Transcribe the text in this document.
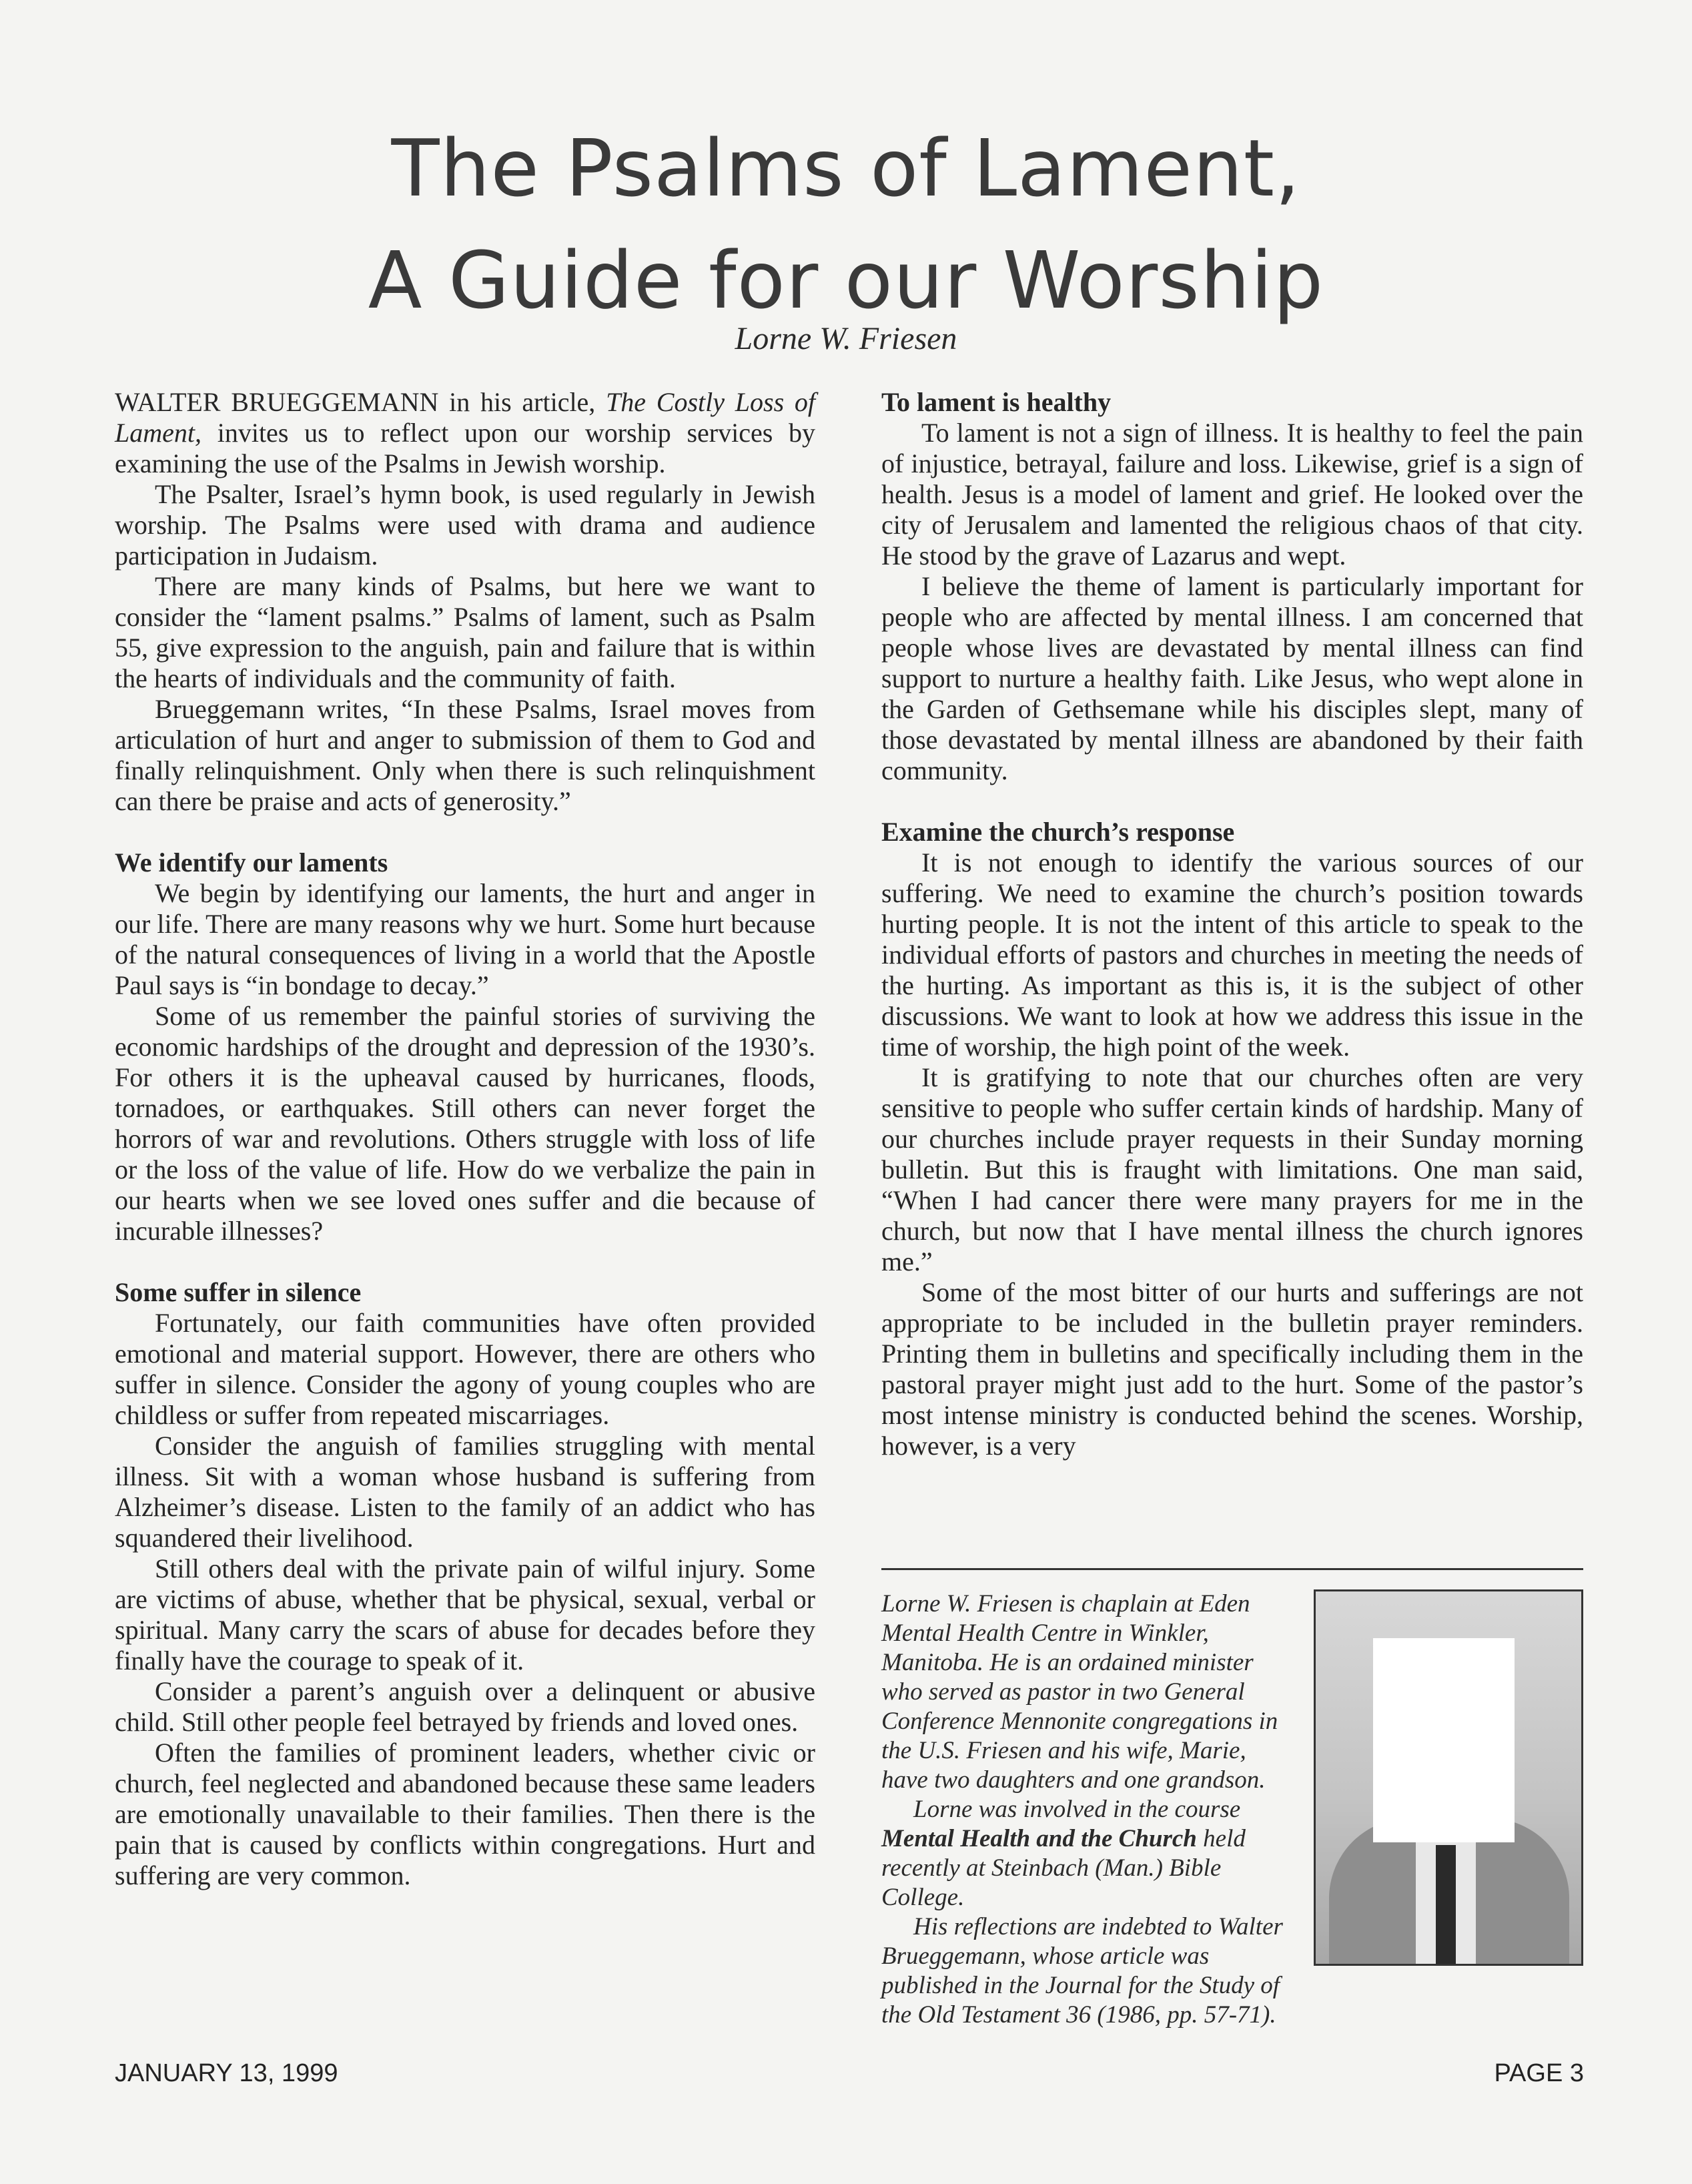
The Psalms of Lament,
A Guide for our Worship
Lorne W. Friesen

WALTER BRUEGGEMANN in his article, The Costly Loss of Lament, invites us to reflect upon our worship services by examining the use of the Psalms in Jewish worship.

The Psalter, Israel’s hymn book, is used regularly in Jewish worship. The Psalms were used with drama and audience participation in Judaism.

There are many kinds of Psalms, but here we want to consider the “lament psalms.” Psalms of lament, such as Psalm 55, give expression to the anguish, pain and failure that is within the hearts of individuals and the community of faith.

Brueggemann writes, “In these Psalms, Israel moves from articulation of hurt and anger to submission of them to God and finally relinquishment. Only when there is such relinquishment can there be praise and acts of generosity.”

We identify our laments

We begin by identifying our laments, the hurt and anger in our life. There are many reasons why we hurt. Some hurt because of the natural consequences of living in a world that the Apostle Paul says is “in bondage to decay.”

Some of us remember the painful stories of surviving the economic hardships of the drought and depression of the 1930’s. For others it is the upheaval caused by hurricanes, floods, tornadoes, or earthquakes. Still others can never forget the horrors of war and revolutions. Others struggle with loss of life or the loss of the value of life. How do we verbalize the pain in our hearts when we see loved ones suffer and die because of incurable illnesses?

Some suffer in silence

Fortunately, our faith communities have often provided emotional and material support. However, there are others who suffer in silence. Consider the agony of young couples who are childless or suffer from repeated miscarriages.

Consider the anguish of families struggling with mental illness. Sit with a woman whose husband is suffering from Alzheimer’s disease. Listen to the family of an addict who has squandered their livelihood.

Still others deal with the private pain of wilful injury. Some are victims of abuse, whether that be physical, sexual, verbal or spiritual. Many carry the scars of abuse for decades before they finally have the courage to speak of it.

Consider a parent’s anguish over a delinquent or abusive child. Still other people feel betrayed by friends and loved ones.

Often the families of prominent leaders, whether civic or church, feel neglected and abandoned because these same leaders are emotionally unavailable to their families. Then there is the pain that is caused by conflicts within congregations. Hurt and suffering are very common.

To lament is healthy

To lament is not a sign of illness. It is healthy to feel the pain of injustice, betrayal, failure and loss. Likewise, grief is a sign of health. Jesus is a model of lament and grief. He looked over the city of Jerusalem and lamented the religious chaos of that city. He stood by the grave of Lazarus and wept.

I believe the theme of lament is particularly important for people who are affected by mental illness. I am concerned that people whose lives are devastated by mental illness can find support to nurture a healthy faith. Like Jesus, who wept alone in the Garden of Gethsemane while his disciples slept, many of those devastated by mental illness are abandoned by their faith community.

Examine the church’s response

It is not enough to identify the various sources of our suffering. We need to examine the church’s position towards hurting people. It is not the intent of this article to speak to the individual efforts of pastors and churches in meeting the needs of the hurting. As important as this is, it is the subject of other discussions. We want to look at how we address this issue in the time of worship, the high point of the week.

It is gratifying to note that our churches often are very sensitive to people who suffer certain kinds of hardship. Many of our churches include prayer requests in their Sunday morning bulletin. But this is fraught with limitations. One man said, “When I had cancer there were many prayers for me in the church, but now that I have mental illness the church ignores me.”

Some of the most bitter of our hurts and sufferings are not appropriate to be included in the bulletin prayer reminders. Printing them in bulletins and specifically including them in the pastoral prayer might just add to the hurt. Some of the pastor’s most intense ministry is conducted behind the scenes. Worship, however, is a very

Lorne W. Friesen is chaplain at Eden Mental Health Centre in Winkler, Manitoba. He is an ordained minister who served as pastor in two General Conference Mennonite congregations in the U.S. Friesen and his wife, Marie, have two daughters and one grandson.

Lorne was involved in the course Mental Health and the Church held recently at Steinbach (Man.) Bible College.

His reflections are indebted to Walter Brueggemann, whose article was published in the Journal for the Study of the Old Testament 36 (1986, pp. 57-71).

JANUARY 13, 1999	PAGE 3
